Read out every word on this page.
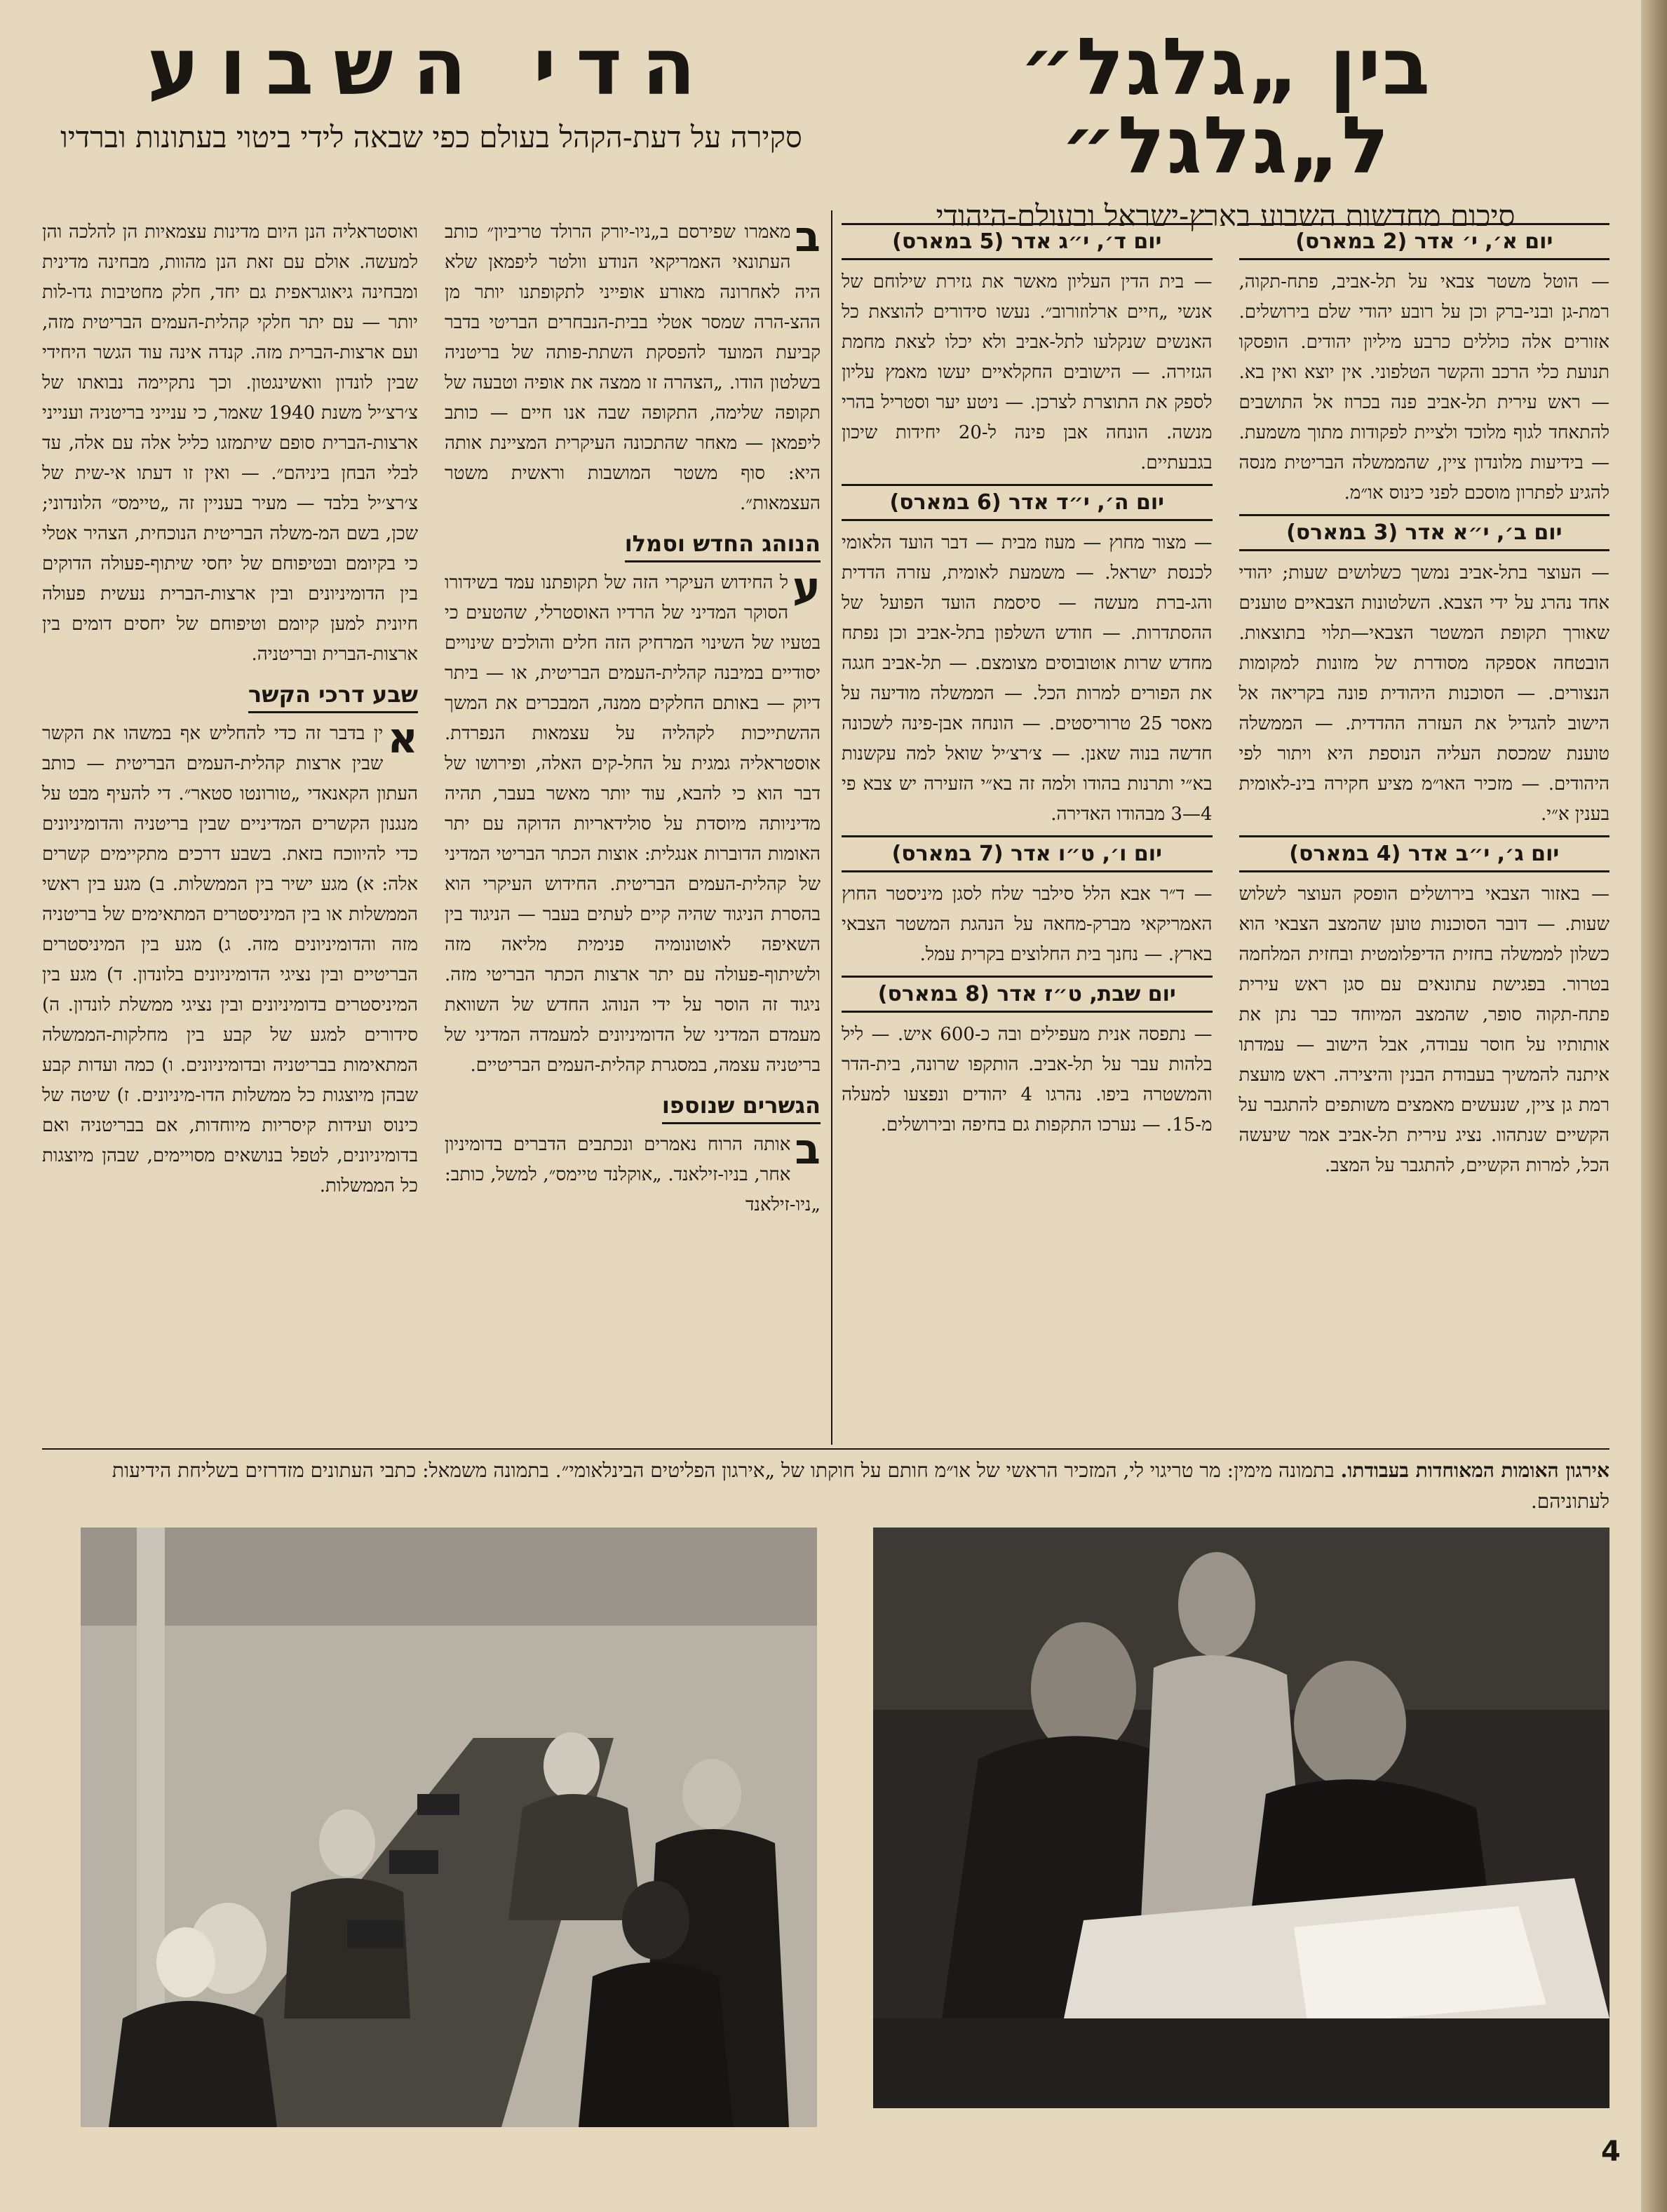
בין „גלגל״ ל„גלגל״
סיכום מחדשות השבוע בארץ-ישראל ובעולם-היהודי
יום א׳, י׳ אדר (2 במארס)

— הוטל משטר צבאי על תל-אביב, פתח-תקוה, רמת-גן ובני-ברק וכן על רובע יהודי שלם בירושלים. אזורים אלה כוללים כרבע מיליון יהודים. הופסקו תנועת כלי הרכב והקשר הטלפוני. אין יוצא ואין בא. — ראש עירית תל-אביב פנה בכרוז אל התושבים להתאחד לגוף מלוכד ולציית לפקודות מתוך משמעת. — בידיעות מלונדון ציין, שהממשלה הבריטית מנסה להגיע לפתרון מוסכם לפני כינוס או״מ.

יום ב׳, י״א אדר (3 במארס)

— העוצר בתל-אביב נמשך כשלושים שעות; יהודי אחד נהרג על ידי הצבא. השלטונות הצבאיים טוענים שאורך תקופת המשטר הצבאי—תלוי בתוצאות. הובטחה אספקה מסודרת של מזונות למקומות הנצורים. — הסוכנות היהודית פונה בקריאה אל הישוב להגדיל את העזרה ההדדית. — הממשלה טוענת שמכסת העליה הנוספת היא ויתור לפי היהודים. — מזכיר האו״מ מציע חקירה בינ-לאומית בענין א״י.

יום ג׳, י״ב אדר (4 במארס)

— באזור הצבאי בירושלים הופסק העוצר לשלוש שעות. — דובר הסוכנות טוען שהמצב הצבאי הוא כשלון לממשלה בחזית הדיפלומטית ובחזית המלחמה בטרור. בפגישת עתונאים עם סגן ראש עירית פתח-תקוה סופר, שהמצב המיוחד כבר נתן את אותותיו על חוסר עבודה, אבל הישוב — עמדתו איתנה להמשיך בעבודת הבנין והיצירה. ראש מועצת רמת גן ציין, שנעשים מאמצים משותפים להתגבר על הקשיים שנתהוו. נציג עירית תל-אביב אמר שיעשה הכל, למרות הקשיים, להתגבר על המצב.

יום ד׳, י״ג אדר (5 במארס)

— בית הדין העליון מאשר את גזירת שילוחם של אנשי „חיים ארלוזורוב״. נעשו סידורים להוצאת כל האנשים שנקלעו לתל-אביב ולא יכלו לצאת מחמת הגזירה. — הישובים החקלאיים יעשו מאמץ עליון לספק את התוצרת לצרכן. — ניטע יער וסטריל בהרי מנשה. הונחה אבן פינה ל-20 יחידות שיכון בגבעתיים.

יום ה׳, י״ד אדר (6 במארס)

— מצור מחוץ — מעוז מבית — דבר הועד הלאומי לכנסת ישראל. — משמעת לאומית, עזרה הדדית והג-ברת מעשה — סיסמת הועד הפועל של ההסתדרות. — חודש השלפון בתל-אביב וכן נפתח מחדש שרות אוטובוסים מצומצם. — תל-אביב חגגה את הפורים למרות הכל. — הממשלה מודיעה על מאסר 25 טרוריסטים. — הונחה אבן-פינה לשכונה חדשה בנוה שאנן. — צ׳רצ׳יל שואל למה עקשנות בא״י ותרנות בהודו ולמה זה בא״י הזעירה יש צבא פי 4—3 מבהודו האדירה.

יום ו׳, ט״ו אדר (7 במארס)

— ד״ר אבא הלל סילבר שלח לסגן מיניסטר החוץ האמריקאי מברק-מחאה על הנהגת המשטר הצבאי בארץ. — נחנך בית החלוצים בקרית עמל.

יום שבת, ט״ז אדר (8 במארס)

— נתפסה אנית מעפילים ובה כ-600 איש. — ליל בלהות עבר על תל-אביב. הותקפו שרונה, בית-הדר והמשטרה ביפו. נהרגו 4 יהודים ונפצעו למעלה מ-15. — נערכו התקפות גם בחיפה ובירושלים.

הדי השבוע
סקירה על דעת-הקהל בעולם כפי שבאה לידי ביטוי בעתונות וברדיו

ב
מאמרו שפירסם ב„ניו-יורק הרולד טריביון״ כותב העתונאי האמריקאי הנודע וולטר ליפמאן שלא היה לאחרונה מאורע אופייני לתקופתנו יותר מן ההצ-הרה שמסר אטלי בבית-הנבחרים הבריטי בדבר קביעת המועד להפסקת השתת-פותה של בריטניה בשלטון הודו. „הצהרה זו ממצה את אופיה וטבעה של תקופה שלימה, התקופה שבה אנו חיים — כותב ליפמאן — מאחר שהתכונה העיקרית המציינת אותה היא: סוף משטר המושבות וראשית משטר העצמאות״.

הנוהג החדש וסמלו

ע
ל החידוש העיקרי הזה של תקופתנו עמד בשידורו הסוקר המדיני של הרדיו האוסטרלי, שהטעים כי בטעיו של השינוי המרחיק הזה חלים והולכים שינויים יסודיים במיבנה קהלית-העמים הבריטית, או — ביתר דיוק — באותם החלקים ממנה, המבכרים את המשך ההשתייכות לקהליה על עצמאות הנפרדת. אוסטראליה גמגית על החל-קים האלה, ופירושו של דבר הוא כי להבא, עוד יותר מאשר בעבר, תהיה מדיניותה מיוסדת על סולידאריות הדוקה עם יתר האומות הדוברות אנגלית: אוצות הכתר הבריטי המדיני של קהלית-העמים הבריטית. החידוש העיקרי הוא בהסרת הניגוד שהיה קיים לעתים בעבר — הניגוד בין השאיפה לאוטונומיה פנימית מליאה מזה ולשיתוף-פעולה עם יתר ארצות הכתר הבריטי מזה. ניגוד זה הוסר על ידי הנוהג החדש של השוואת מעמדם המדיני של הדומיניונים למעמדה המדיני של בריטניה עצמה, במסגרת קהלית-העמים הבריטיים.

הגשרים שנוספו

ב
אותה הרוח נאמרים ונכתבים הדברים בדומיניון אחר, בניו-זילאנד. „אוקלנד טיימס״, למשל, כותב: „ניו-זילאנד

ואוסטראליה הנן היום מדינות עצמאיות הן להלכה והן למעשה. אולם עם זאת הנן מהוות, מבחינה מדינית ומבחינה גיאוגראפית גם יחד, חלק מחטיבות גדו-לות יותר — עם יתר חלקי קהלית-העמים הבריטית מזה, ועם ארצות-הברית מזה. קנדה אינה עוד הגשר היחידי שבין לונדון וואשינגטון. וכך נתקיימה נבואתו של צ׳רצ׳יל משנת 1940 שאמר, כי ענייני בריטניה וענייני ארצות-הברית סופם שיתמזגו כליל אלה עם אלה, עד לבלי הבחן ביניהם״. — ואין זו דעתו אי-שית של צ׳רצ׳יל בלבד — מעיר בעניין זה „טיימס״ הלונדוני; שכן, בשם המ-משלה הבריטית הנוכחית, הצהיר אטלי כי בקיומם ובטיפוחם של יחסי שיתוף-פעולה הדוקים בין הדומיניונים ובין ארצות-הברית נעשית פעולה חיונית למען קיומם וטיפוחם של יחסים דומים בין ארצות-הברית ובריטניה.

שבע דרכי הקשר

א
ין בדבר זה כדי להחליש אף במשהו את הקשר שבין ארצות קהלית-העמים הבריטית — כותב העתון הקאנאדי „טורונטו סטאר״. די להעיף מבט על מנגנון הקשרים המדיניים שבין בריטניה והדומיניונים כדי להיווכח בזאת. בשבע דרכים מתקיימים קשרים אלה: א) מגע ישיר בין הממשלות. ב) מגע בין ראשי הממשלות או בין המיניסטרים המתאימים של בריטניה מזה והדומיניונים מזה. ג) מגע בין המיניסטרים הבריטיים ובין נציגי הדומיניונים בלונדון. ד) מגע בין המיניסטרים בדומיניונים ובין נציגי ממשלת לונדון. ה) סידורים למגע של קבע בין מחלקות-הממשלה המתאימות בבריטניה ובדומיניונים. ו) כמה ועדות קבע שבהן מיוצגות כל ממשלות הדו-מיניונים. ז) שיטה של כינוס ועידות קיסריות מיוחדות, אם בבריטניה ואם בדומיניונים, לטפל בנושאים מסויימים, שבהן מיוצגות כל הממשלות.

אירגון האומות המאוחדות בעבודתו. בתמונה מימין: מר טריגוי לי, המזכיר הראשי של או״מ חותם על חוקתו של „אירגון הפליטים הבינלאומי״. בתמונה משמאל: כתבי העתונים מזדרזים בשליחת הידיעות לעתוניהם.
4
